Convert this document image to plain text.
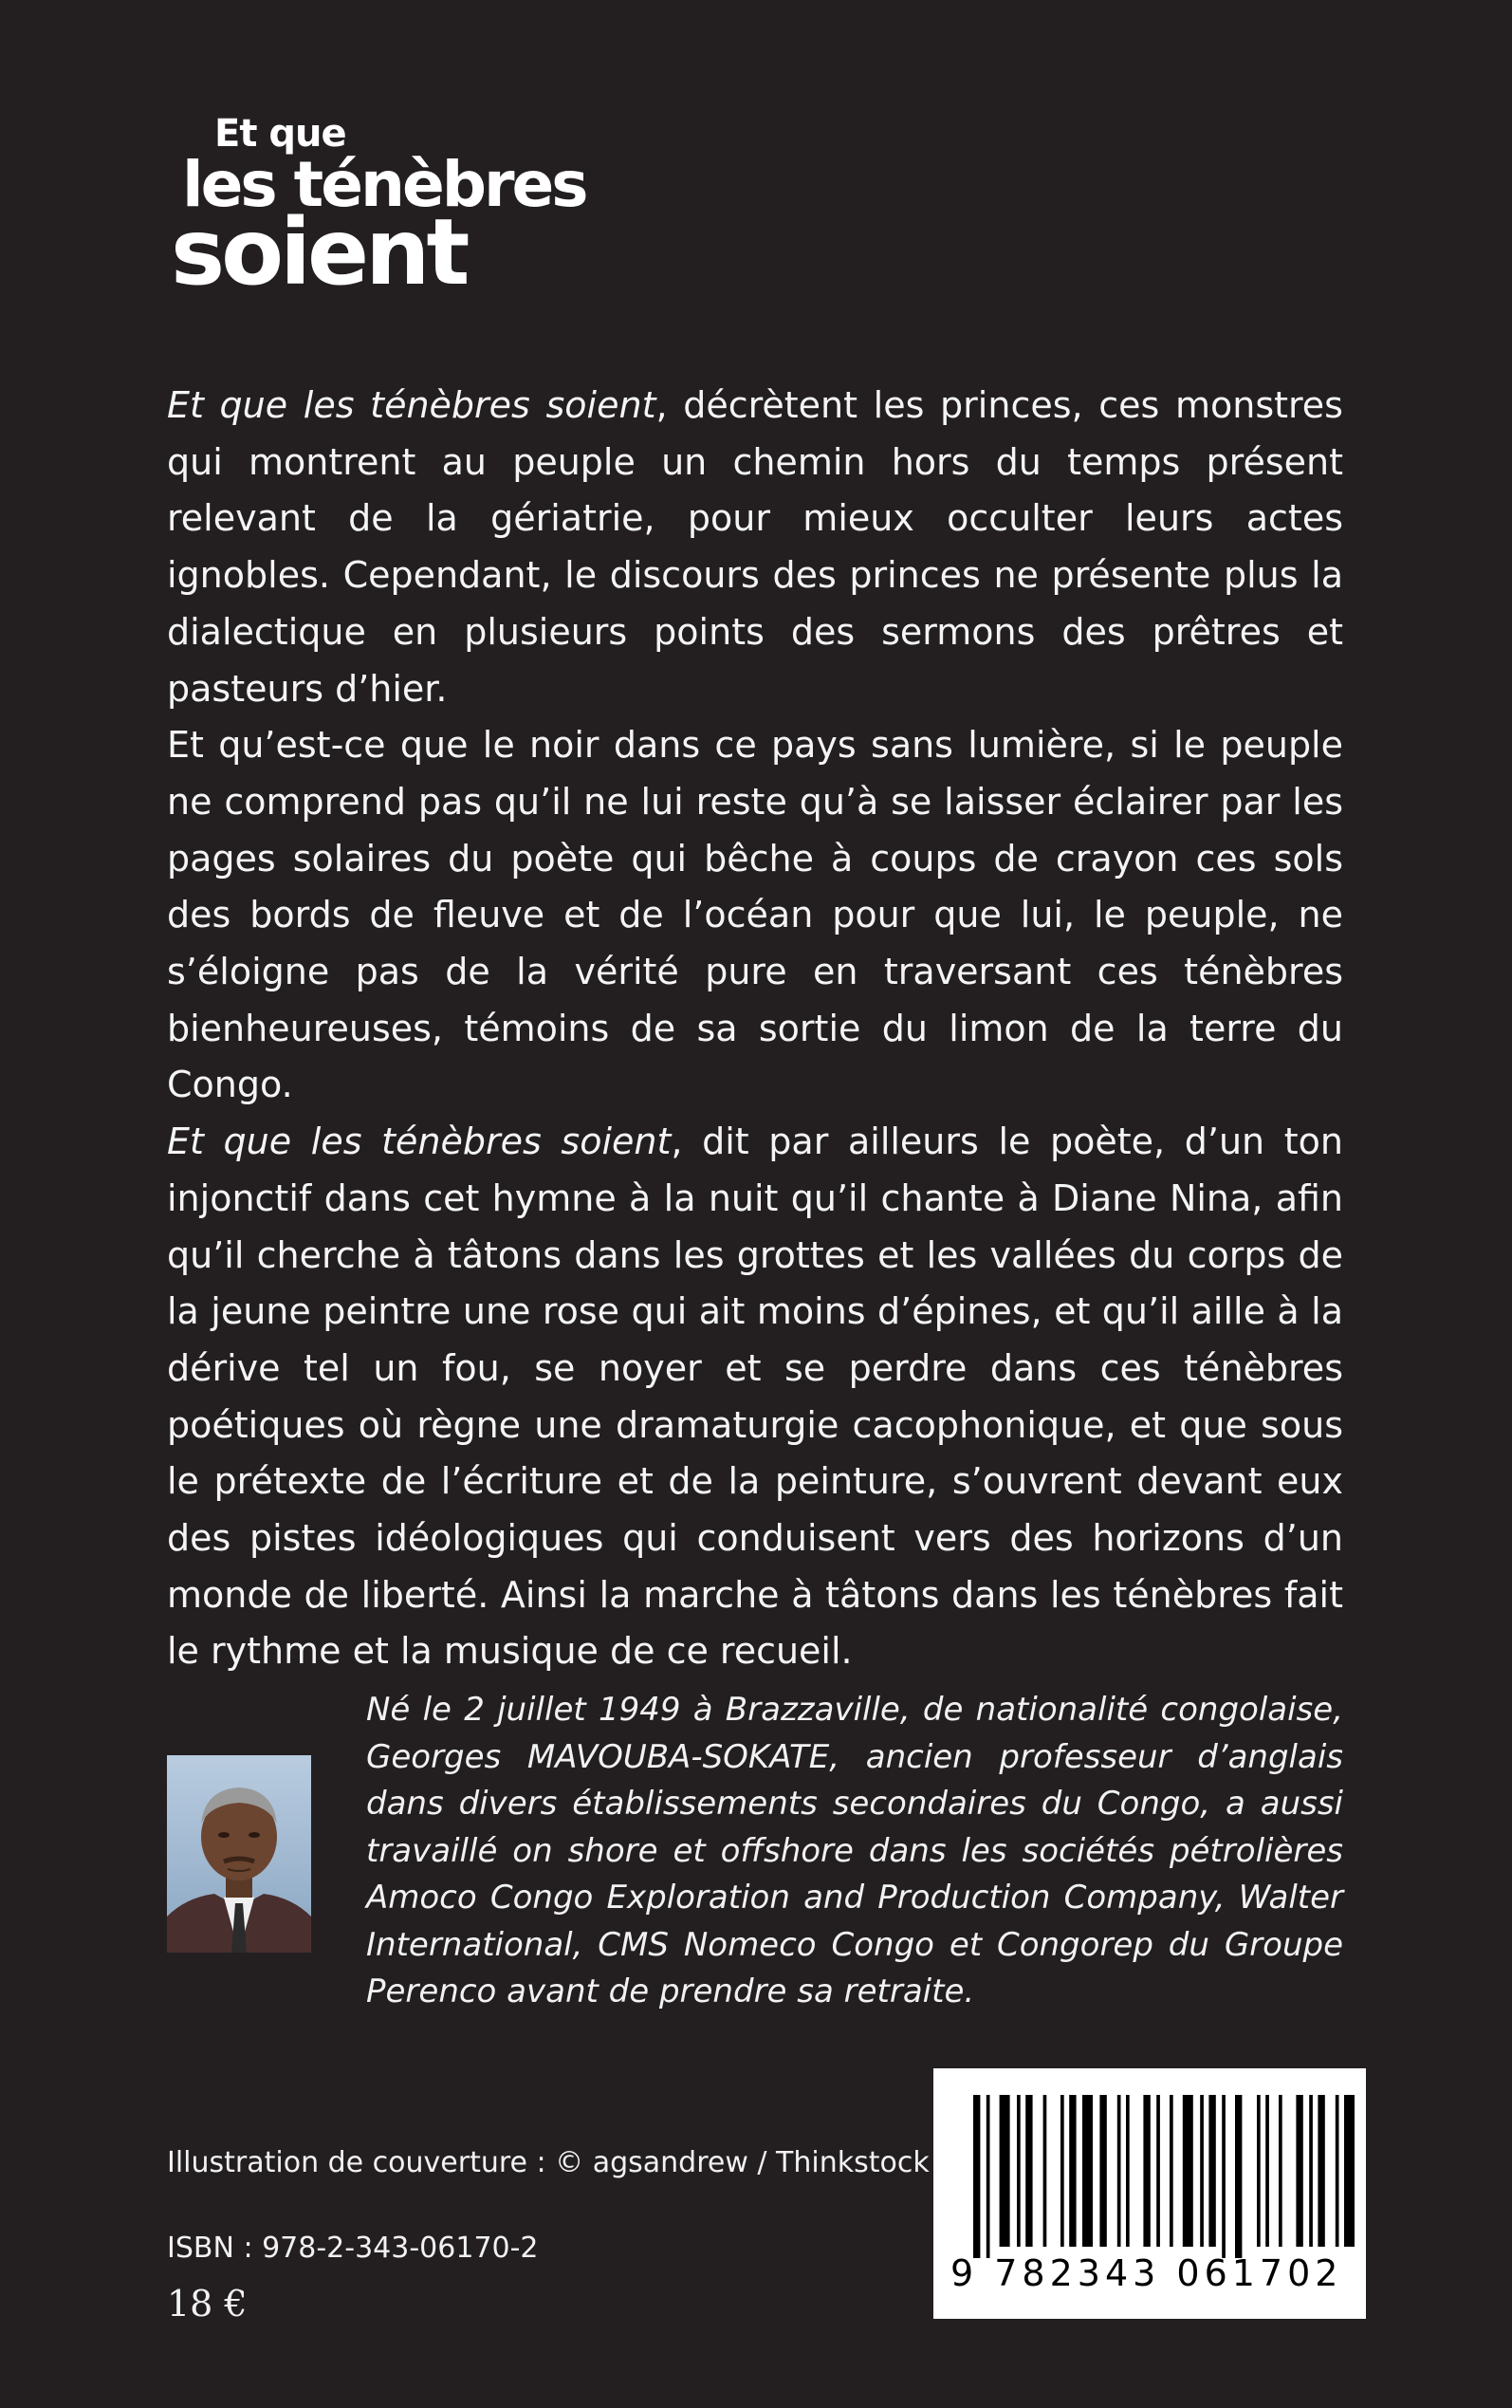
Et que
les ténèbres
soient

Et que les ténèbres soient, décrètent les princes, ces monstres qui montrent au peuple un chemin hors du temps présent relevant de la gériatrie, pour mieux occulter leurs actes ignobles. Cependant, le discours des princes ne présente plus la dialectique en plusieurs points des sermons des prêtres et pasteurs d’hier.

Et qu’est-ce que le noir dans ce pays sans lumière, si le peuple ne comprend pas qu’il ne lui reste qu’à se laisser éclairer par les pages solaires du poète qui bêche à coups de crayon ces sols des bords de fleuve et de l’océan pour que lui, le peuple, ne s’éloigne pas de la vérité pure en traversant ces ténèbres bienheureuses, témoins de sa sortie du limon de la terre du Congo.

Et que les ténèbres soient, dit par ailleurs le poète, d’un ton injonctif dans cet hymne à la nuit qu’il chante à Diane Nina, afin qu’il cherche à tâtons dans les grottes et les vallées du corps de la jeune peintre une rose qui ait moins d’épines, et qu’il aille à la dérive tel un fou, se noyer et se perdre dans ces ténèbres poétiques où règne une dramaturgie cacophonique, et que sous le prétexte de l’écriture et de la peinture, s’ouvrent devant eux des pistes idéologiques qui conduisent vers des horizons d’un monde de liberté. Ainsi la marche à tâtons dans les ténèbres fait le rythme et la musique de ce recueil.

Né le 2 juillet 1949 à Brazzaville, de nationalité congolaise, Georges MAVOUBA-SOKATE, ancien professeur d’anglais dans divers établissements secondaires du Congo, a aussi travaillé on shore et offshore dans les sociétés pétrolières Amoco Congo Exploration and Production Company, Walter International, CMS Nomeco Congo et Congorep du Groupe Perenco avant de prendre sa retraite.
Illustration de couverture : © agsandrew / Thinkstock
ISBN : 978-2-343-06170-2
18 €
9 782343 061702
